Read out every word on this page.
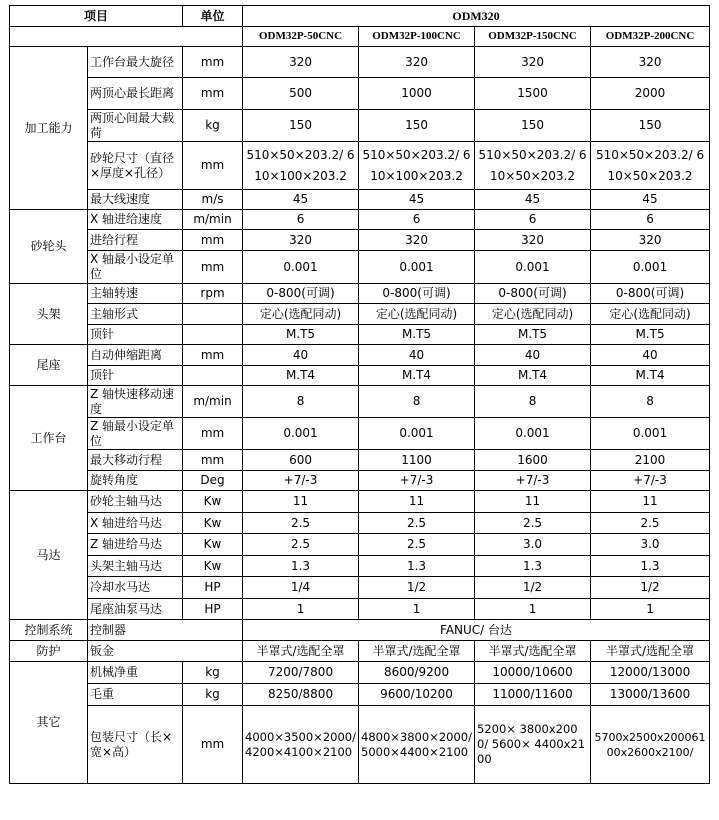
项目		单位	ODM320			
			ODM32P-50CNC	ODM32P-100CNC	ODM32P-150CNC	ODM32P-200CNC
加工能力	工作台最大旋径	mm	320	320	320	320
	两顶心最长距离	mm	500	1000	1500	2000
	两顶心间最大载荷	kg	150	150	150	150
	砂轮尺寸（直径×厚度×孔径）	mm	510×50×203.2/ 610×100×203.2	510×50×203.2/ 610×100×203.2	510×50×203.2/ 610×50×203.2	510×50×203.2/ 610×50×203.2
	最大线速度	m/s	45	45	45	45
砂轮头	X 轴进给速度	m/min	6	6	6	6
	进给行程	mm	320	320	320	320
	X 轴最小设定单位	mm	0.001	0.001	0.001	0.001
头架	主轴转速	rpm	0-800(可调)	0-800(可调)	0-800(可调)	0-800(可调)
	主轴形式		定心(选配同动)	定心(选配同动)	定心(选配同动)	定心(选配同动)
	顶针		M.T5	M.T5	M.T5	M.T5
尾座	自动伸缩距离	mm	40	40	40	40
	顶针		M.T4	M.T4	M.T4	M.T4
工作台	Z 轴快速移动速度	m/min	8	8	8	8
	Z 轴最小设定单位	mm	0.001	0.001	0.001	0.001
	最大移动行程	mm	600	1100	1600	2100
	旋转角度	Deg	+7/-3	+7/-3	+7/-3	+7/-3
马达	砂轮主轴马达	Kw	11	11	11	11
	X 轴进给马达	Kw	2.5	2.5	2.5	2.5
	Z 轴进给马达	Kw	2.5	2.5	3.0	3.0
	头架主轴马达	Kw	1.3	1.3	1.3	1.3
	冷却水马达	HP	1/4	1/2	1/2	1/2
	尾座油泵马达	HP	1	1	1	1
控制系统	控制器		FANUC/ 台达			
防护	钣金		半罩式/选配全罩	半罩式/选配全罩	半罩式/选配全罩	半罩式/选配全罩
其它	机械净重	kg	7200/7800	8600/9200	10000/10600	12000/13000
	毛重	kg	8250/8800	9600/10200	11000/11600	13000/13600
	包装尺寸（长×宽×高）	mm	4000×3500×2000/ 4200×4100×2100	4800×3800×2000/ 5000×4400×2100	5200× 3800x2000/ 5600× 4400x2100	5700x2500x200061 00x2600x2100/
